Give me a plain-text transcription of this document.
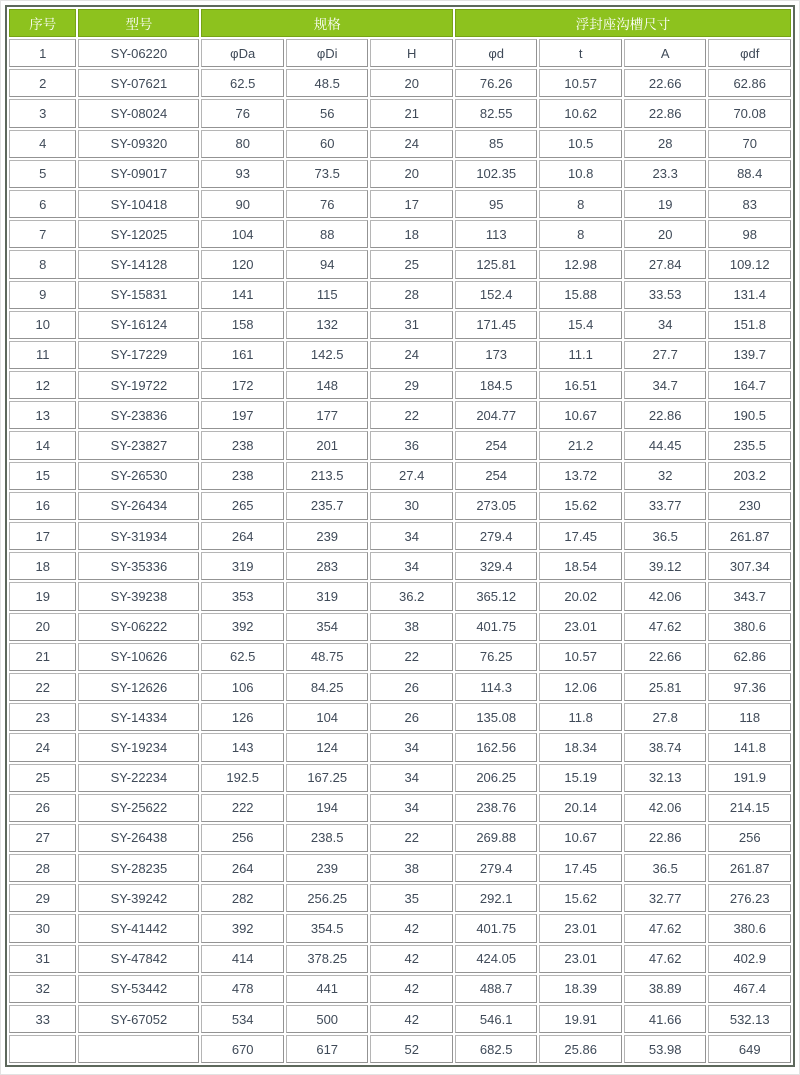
序号	型号	规格			浮封座沟槽尺寸			
1	SY-06220	φDa	φDi	H	φd	t	A	φdf
2	SY-07621	62.5	48.5	20	76.26	10.57	22.66	62.86
3	SY-08024	76	56	21	82.55	10.62	22.86	70.08
4	SY-09320	80	60	24	85	10.5	28	70
5	SY-09017	93	73.5	20	102.35	10.8	23.3	88.4
6	SY-10418	90	76	17	95	8	19	83
7	SY-12025	104	88	18	113	8	20	98
8	SY-14128	120	94	25	125.81	12.98	27.84	109.12
9	SY-15831	141	115	28	152.4	15.88	33.53	131.4
10	SY-16124	158	132	31	171.45	15.4	34	151.8
11	SY-17229	161	142.5	24	173	11.1	27.7	139.7
12	SY-19722	172	148	29	184.5	16.51	34.7	164.7
13	SY-23836	197	177	22	204.77	10.67	22.86	190.5
14	SY-23827	238	201	36	254	21.2	44.45	235.5
15	SY-26530	238	213.5	27.4	254	13.72	32	203.2
16	SY-26434	265	235.7	30	273.05	15.62	33.77	230
17	SY-31934	264	239	34	279.4	17.45	36.5	261.87
18	SY-35336	319	283	34	329.4	18.54	39.12	307.34
19	SY-39238	353	319	36.2	365.12	20.02	42.06	343.7
20	SY-06222	392	354	38	401.75	23.01	47.62	380.6
21	SY-10626	62.5	48.75	22	76.25	10.57	22.66	62.86
22	SY-12626	106	84.25	26	114.3	12.06	25.81	97.36
23	SY-14334	126	104	26	135.08	11.8	27.8	118
24	SY-19234	143	124	34	162.56	18.34	38.74	141.8
25	SY-22234	192.5	167.25	34	206.25	15.19	32.13	191.9
26	SY-25622	222	194	34	238.76	20.14	42.06	214.15
27	SY-26438	256	238.5	22	269.88	10.67	22.86	256
28	SY-28235	264	239	38	279.4	17.45	36.5	261.87
29	SY-39242	282	256.25	35	292.1	15.62	32.77	276.23
30	SY-41442	392	354.5	42	401.75	23.01	47.62	380.6
31	SY-47842	414	378.25	42	424.05	23.01	47.62	402.9
32	SY-53442	478	441	42	488.7	18.39	38.89	467.4
33	SY-67052	534	500	42	546.1	19.91	41.66	532.13
		670	617	52	682.5	25.86	53.98	649
